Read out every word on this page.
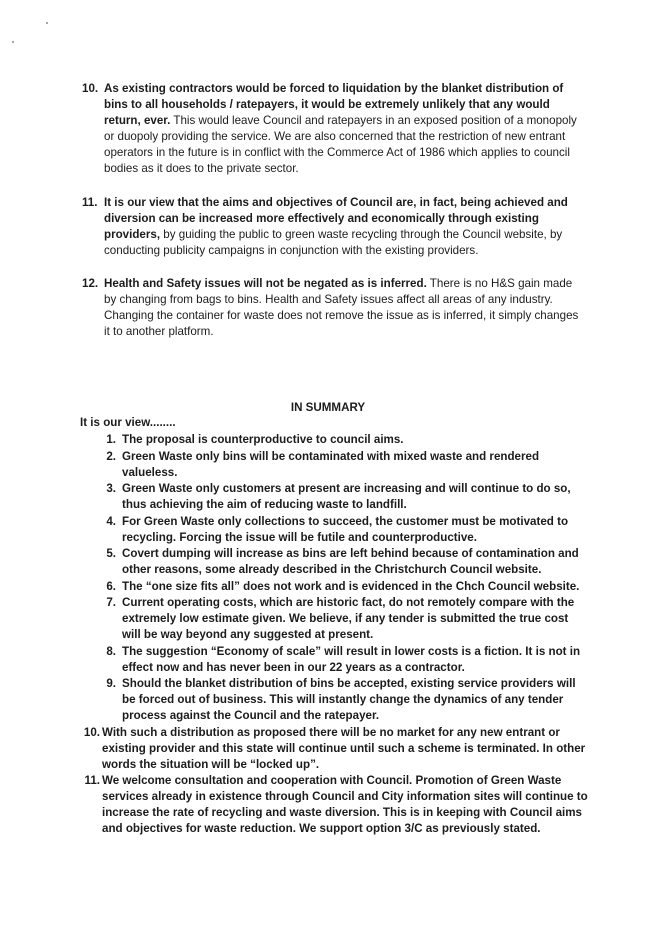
10. As existing contractors would be forced to liquidation by the blanket distribution of bins to all households / ratepayers, it would be extremely unlikely that any would return, ever. This would leave Council and ratepayers in an exposed position of a monopoly or duopoly providing the service. We are also concerned that the restriction of new entrant operators in the future is in conflict with the Commerce Act of 1986 which applies to council bodies as it does to the private sector.
11. It is our view that the aims and objectives of Council are, in fact, being achieved and diversion can be increased more effectively and economically through existing providers, by guiding the public to green waste recycling through the Council website, by conducting publicity campaigns in conjunction with the existing providers.
12. Health and Safety issues will not be negated as is inferred. There is no H&S gain made by changing from bags to bins. Health and Safety issues affect all areas of any industry. Changing the container for waste does not remove the issue as is inferred, it simply changes it to another platform.
IN SUMMARY
It is our view........
1. The proposal is counterproductive to council aims.
2. Green Waste only bins will be contaminated with mixed waste and rendered valueless.
3. Green Waste only customers at present are increasing and will continue to do so, thus achieving the aim of reducing waste to landfill.
4. For Green Waste only collections to succeed, the customer must be motivated to recycling. Forcing the issue will be futile and counterproductive.
5. Covert dumping will increase as bins are left behind because of contamination and other reasons, some already described in the Christchurch Council website.
6. The “one size fits all” does not work and is evidenced in the Chch Council website.
7. Current operating costs, which are historic fact, do not remotely compare with the extremely low estimate given. We believe, if any tender is submitted the true cost will be way beyond any suggested at present.
8. The suggestion “Economy of scale” will result in lower costs is a fiction. It is not in effect now and has never been in our 22 years as a contractor.
9. Should the blanket distribution of bins be accepted, existing service providers will be forced out of business. This will instantly change the dynamics of any tender process against the Council and the ratepayer.
10. With such a distribution as proposed there will be no market for any new entrant or existing provider and this state will continue until such a scheme is terminated. In other words the situation will be “locked up”.
11. We welcome consultation and cooperation with Council. Promotion of Green Waste services already in existence through Council and City information sites will continue to increase the rate of recycling and waste diversion. This is in keeping with Council aims and objectives for waste reduction. We support option 3/C as previously stated.
